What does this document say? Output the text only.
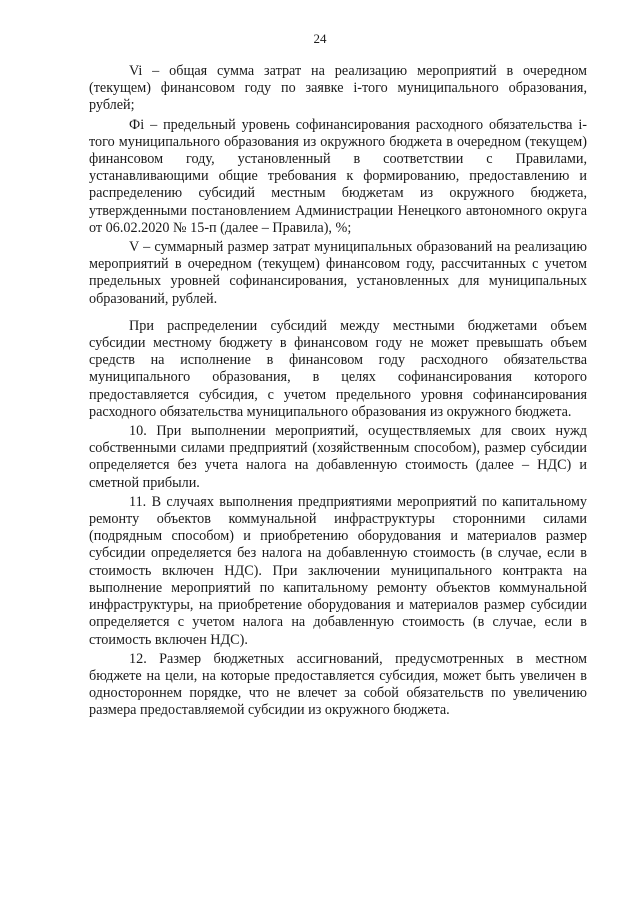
24

Vi – общая сумма затрат на реализацию мероприятий в очередном (текущем) финансовом году по заявке i-того муниципального образования, рублей;

Фi – предельный уровень софинансирования расходного обязательства i-того муниципального образования из окружного бюджета в очередном (текущем) финансовом году, установленный в соответствии с Правилами, устанавливающими общие требования к формированию, предоставлению и распределению субсидий местным бюджетам из окружного бюджета, утвержденными постановлением Администрации Ненецкого автономного округа от 06.02.2020 № 15-п (далее – Правила), %;

V – суммарный размер затрат муниципальных образований на реализацию мероприятий в очередном (текущем) финансовом году, рассчитанных с учетом предельных уровней софинансирования, установленных для муниципальных образований, рублей.

При распределении субсидий между местными бюджетами объем субсидии местному бюджету в финансовом году не может превышать объем средств на исполнение в финансовом году расходного обязательства муниципального образования, в целях софинансирования которого предоставляется субсидия, с учетом предельного уровня софинансирования расходного обязательства муниципального образования из окружного бюджета.

10. При выполнении мероприятий, осуществляемых для своих нужд собственными силами предприятий (хозяйственным способом), размер субсидии определяется без учета налога на добавленную стоимость (далее – НДС) и сметной прибыли.

11. В случаях выполнения предприятиями мероприятий по капитальному ремонту объектов коммунальной инфраструктуры сторонними силами (подрядным способом) и приобретению оборудования и материалов размер субсидии определяется без налога на добавленную стоимость (в случае, если в стоимость включен НДС). При заключении муниципального контракта на выполнение мероприятий по капитальному ремонту объектов коммунальной инфраструктуры, на приобретение оборудования и материалов размер субсидии определяется с учетом налога на добавленную стоимость (в случае, если в стоимость включен НДС).

12. Размер бюджетных ассигнований, предусмотренных в местном бюджете на цели, на которые предоставляется субсидия, может быть увеличен в одностороннем порядке, что не влечет за собой обязательств по увеличению размера предоставляемой субсидии из окружного бюджета.
